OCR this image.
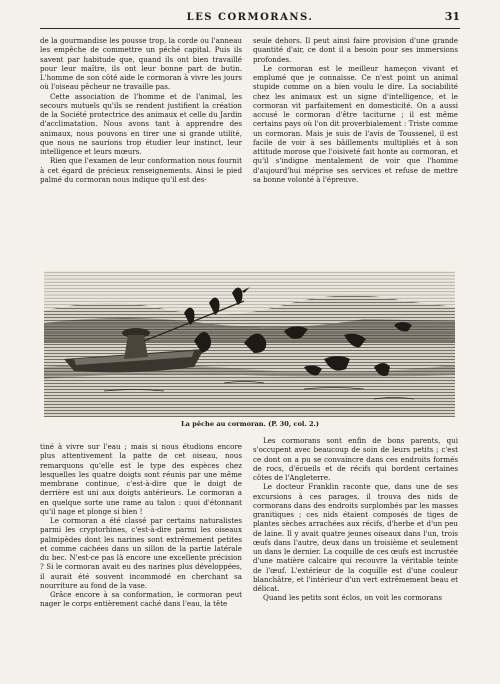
LES CORMORANS.	31

de la gourmandise les pousse trop, la corde ou l'anneau les empêche de commettre un péché capital. Puis ils savent par habitude que, quand ils ont bien travaillé pour leur maître, ils ont leur bonne part de butin. L'homme de son côté aide le cormoran à vivre les jours où l'oiseau pêcheur ne travaille pas.

Cette association de l'homme et de l'animal, les secours mutuels qu'ils se rendent justifient la création de la Société protectrice des animaux et celle du Jardin d'acclimatation. Nous avons tant à apprendre des animaux, nous pouvons en tirer une si grande utilité, que nous ne saurions trop étudier leur instinct, leur intelligence et leurs mœurs.

Rien que l'examen de leur conformation nous fournit à cet égard de précieux renseignements. Ainsi le pied palmé du cormoran nous indique qu'il est des-

seule dehors. Il peut ainsi faire provision d'une grande quantité d'air, ce dont il a besoin pour ses immersions profondes.

Le cormoran est le meilleur hameçon vivant et emplumé que je connaisse. Ce n'est point un animal stupide comme on a bien voulu le dire. La sociabilité chez les animaux est un signe d'intelligence, et le cormoran vit parfaitement en domesticité. On a aussi accusé le cormoran d'être taciturne ; il est même certains pays où l'on dit proverbialement : Triste comme un cormoran. Mais je suis de l'avis de Toussenel, il est facile de voir à ses bâillements multipliés et à son attitude morose que l'oisiveté fait honte au cormoran, et qu'il s'indigne mentalement de voir que l'homme d'aujourd'hui méprise ses services et refuse de mettre sa bonne volonté à l'épreuve.

La pêche au cormoran. (P. 30, col. 2.)

tiné à vivre sur l'eau ; mais si nous étudions encore plus attentivement la patte de cet oiseau, nous remarquons qu'elle est le type des espèces chez lesquelles les quatre doigts sont réunis par une même membrane continue, c'est-à-dire que le doigt de derrière est uni aux doigts antérieurs. Le cormoran a en quelque sorte une rame au talon : quoi d'étonnant qu'il nage et plonge si bien !

Le cormoran a été classé par certains naturalistes parmi les cryptorhines, c'est-à-dire parmi les oiseaux palmipèdes dont les narines sont extrêmement petites et comme cachées dans un sillon de la partie latérale du bec. N'est-ce pas là encore une excellente précision ? Si le cormoran avait eu des narines plus développées, il aurait été souvent incommodé en cherchant sa nourriture au fond de la vase.

Grâce encore à sa conformation, le cormoran peut nager le corps entièrement caché dans l'eau, la tête

Les cormorans sont enfin de bons parents, qui s'occupent avec beaucoup de soin de leurs petits ; c'est ce dont on a pu se convaincre dans ces endroits formés de rocs, d'écueils et de récifs qui bordent certaines côtes de l'Angleterre.

Le docteur Franklin raconte que, dans une de ses excursions à ces parages, il trouva des nids de cormorans dans des endroits surplombés par les masses granitiques ; ces nids étaient composés de tiges de plantes sèches arrachées aux récifs, d'herbe et d'un peu de laine. Il y avait quatre jeunes oiseaux dans l'un, trois œufs dans l'autre, deux dans un troisième et seulement un dans le dernier. La coquille de ces œufs est incrustée d'une matière calcaire qui recouvre la véritable teinte de l'œuf. L'extérieur de la coquille est d'une couleur blanchâtre, et l'intérieur d'un vert extrêmement beau et délicat.

Quand les petits sont éclos, on voit les cormorans
